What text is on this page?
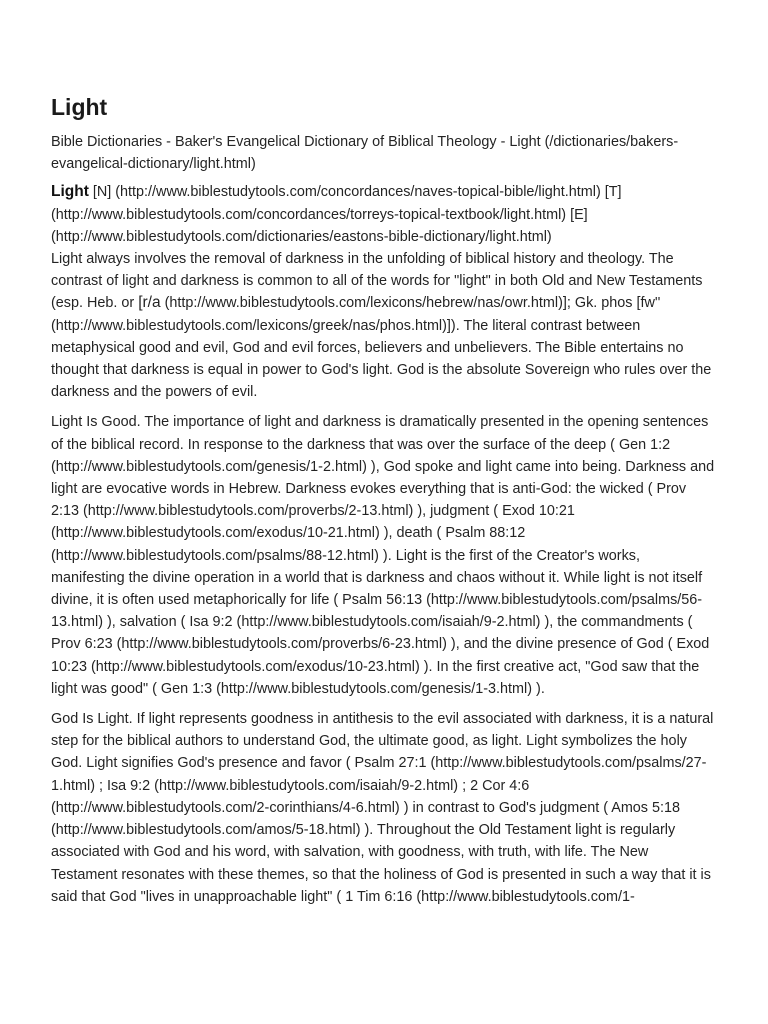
Light

Bible Dictionaries - Baker's Evangelical Dictionary of Biblical Theology - Light (/dictionaries/bakers-evangelical-dictionary/light.html)

Light [N] (http://www.biblestudytools.com/concordances/naves-topical-bible/light.html) [T] (http://www.biblestudytools.com/concordances/torreys-topical-textbook/light.html) [E] (http://www.biblestudytools.com/dictionaries/eastons-bible-dictionary/light.html)

Light always involves the removal of darkness in the unfolding of biblical history and theology. The contrast of light and darkness is common to all of the words for "light" in both Old and New Testaments (esp. Heb. or [r/a (http://www.biblestudytools.com/lexicons/hebrew/nas/owr.html)]; Gk. phos [fw'' (http://www.biblestudytools.com/lexicons/greek/nas/phos.html)]). The literal contrast between metaphysical good and evil, God and evil forces, believers and unbelievers. The Bible entertains no thought that darkness is equal in power to God's light. God is the absolute Sovereign who rules over the darkness and the powers of evil.

Light Is Good. The importance of light and darkness is dramatically presented in the opening sentences of the biblical record. In response to the darkness that was over the surface of the deep ( Gen 1:2 (http://www.biblestudytools.com/genesis/1-2.html) ), God spoke and light came into being. Darkness and light are evocative words in Hebrew. Darkness evokes everything that is anti-God: the wicked ( Prov 2:13 (http://www.biblestudytools.com/proverbs/2-13.html) ), judgment ( Exod 10:21 (http://www.biblestudytools.com/exodus/10-21.html) ), death ( Psalm 88:12 (http://www.biblestudytools.com/psalms/88-12.html) ). Light is the first of the Creator's works, manifesting the divine operation in a world that is darkness and chaos without it. While light is not itself divine, it is often used metaphorically for life ( Psalm 56:13 (http://www.biblestudytools.com/psalms/56-13.html) ), salvation ( Isa 9:2 (http://www.biblestudytools.com/isaiah/9-2.html) ), the commandments ( Prov 6:23 (http://www.biblestudytools.com/proverbs/6-23.html) ), and the divine presence of God ( Exod 10:23 (http://www.biblestudytools.com/exodus/10-23.html) ). In the first creative act, "God saw that the light was good" ( Gen 1:3 (http://www.biblestudytools.com/genesis/1-3.html) ).

God Is Light. If light represents goodness in antithesis to the evil associated with darkness, it is a natural step for the biblical authors to understand God, the ultimate good, as light. Light symbolizes the holy God. Light signifies God's presence and favor ( Psalm 27:1 (http://www.biblestudytools.com/psalms/27-1.html) ; Isa 9:2 (http://www.biblestudytools.com/isaiah/9-2.html) ; 2 Cor 4:6 (http://www.biblestudytools.com/2-corinthians/4-6.html) ) in contrast to God's judgment ( Amos 5:18 (http://www.biblestudytools.com/amos/5-18.html) ). Throughout the Old Testament light is regularly associated with God and his word, with salvation, with goodness, with truth, with life. The New Testament resonates with these themes, so that the holiness of God is presented in such a way that it is said that God "lives in unapproachable light" ( 1 Tim 6:16 (http://www.biblestudytools.com/1-
